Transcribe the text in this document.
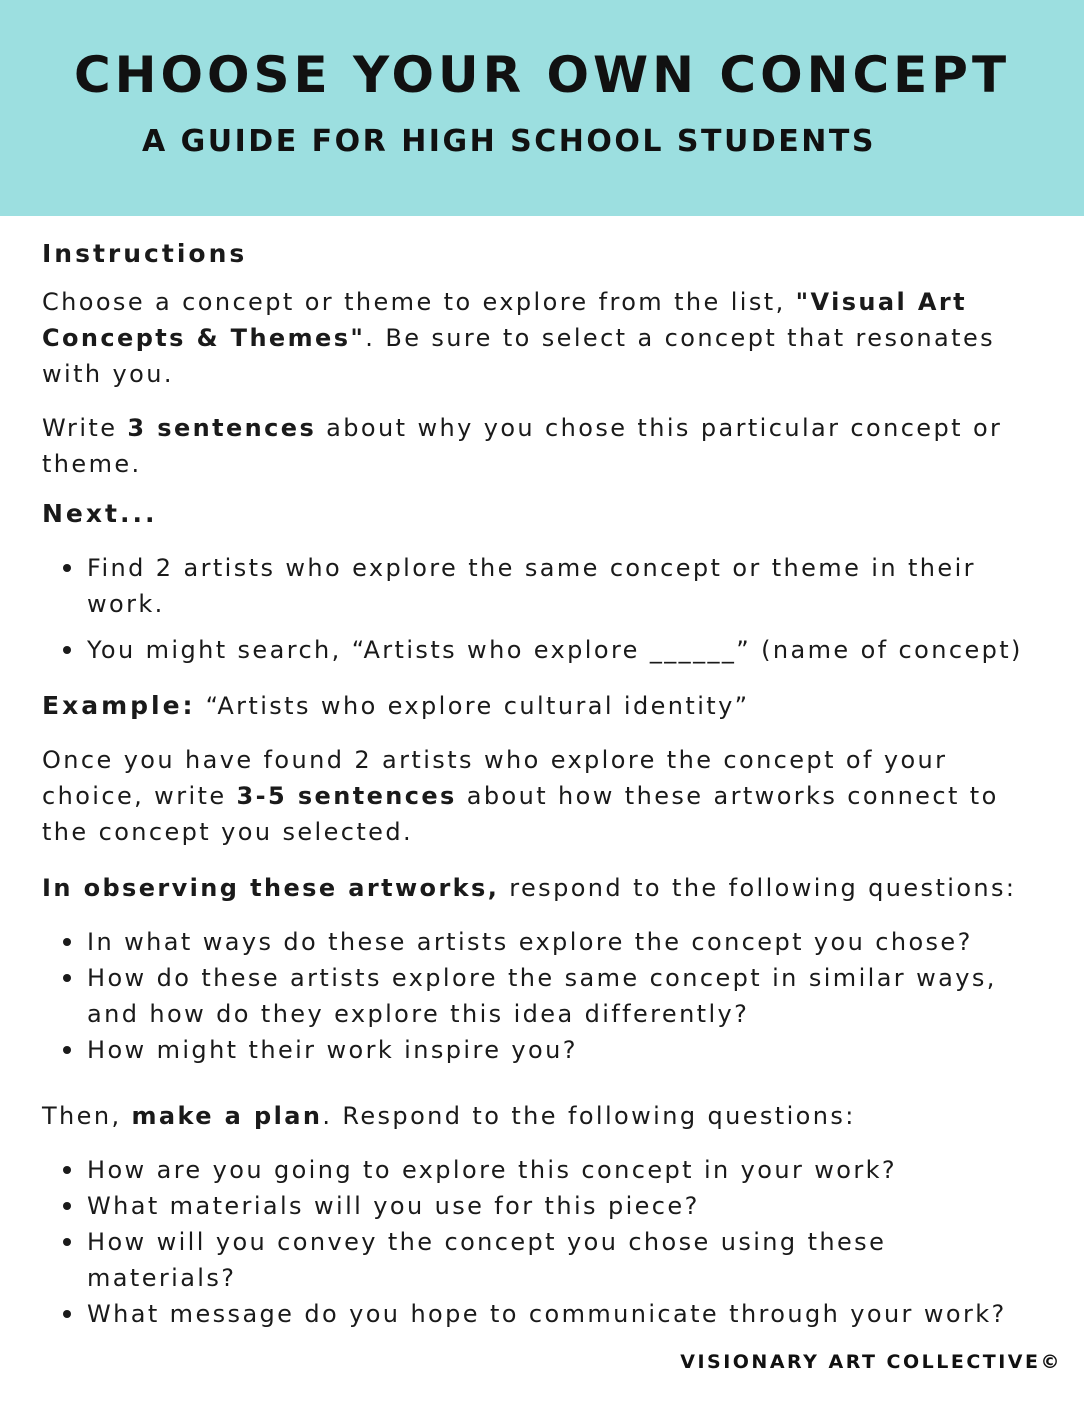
CHOOSE YOUR OWN CONCEPT
A GUIDE FOR HIGH SCHOOL STUDENTS

Instructions

Choose a concept or theme to explore from the list, "Visual Art Concepts & Themes". Be sure to select a concept that resonates with you.

Write 3 sentences about why you chose this particular concept or theme.

Next...

Find 2 artists who explore the same concept or theme in their work.
You might search, “Artists who explore ______” (name of concept)

Example: “Artists who explore cultural identity”

Once you have found 2 artists who explore the concept of your choice, write 3-5 sentences about how these artworks connect to the concept you selected.

In observing these artworks, respond to the following questions:

In what ways do these artists explore the concept you chose?
How do these artists explore the same concept in similar ways, and how do they explore this idea differently?
How might their work inspire you?

Then, make a plan. Respond to the following questions:

How are you going to explore this concept in your work?
What materials will you use for this piece?
How will you convey the concept you chose using these materials?
What message do you hope to communicate through your work?
VISIONARY ART COLLECTIVE©
